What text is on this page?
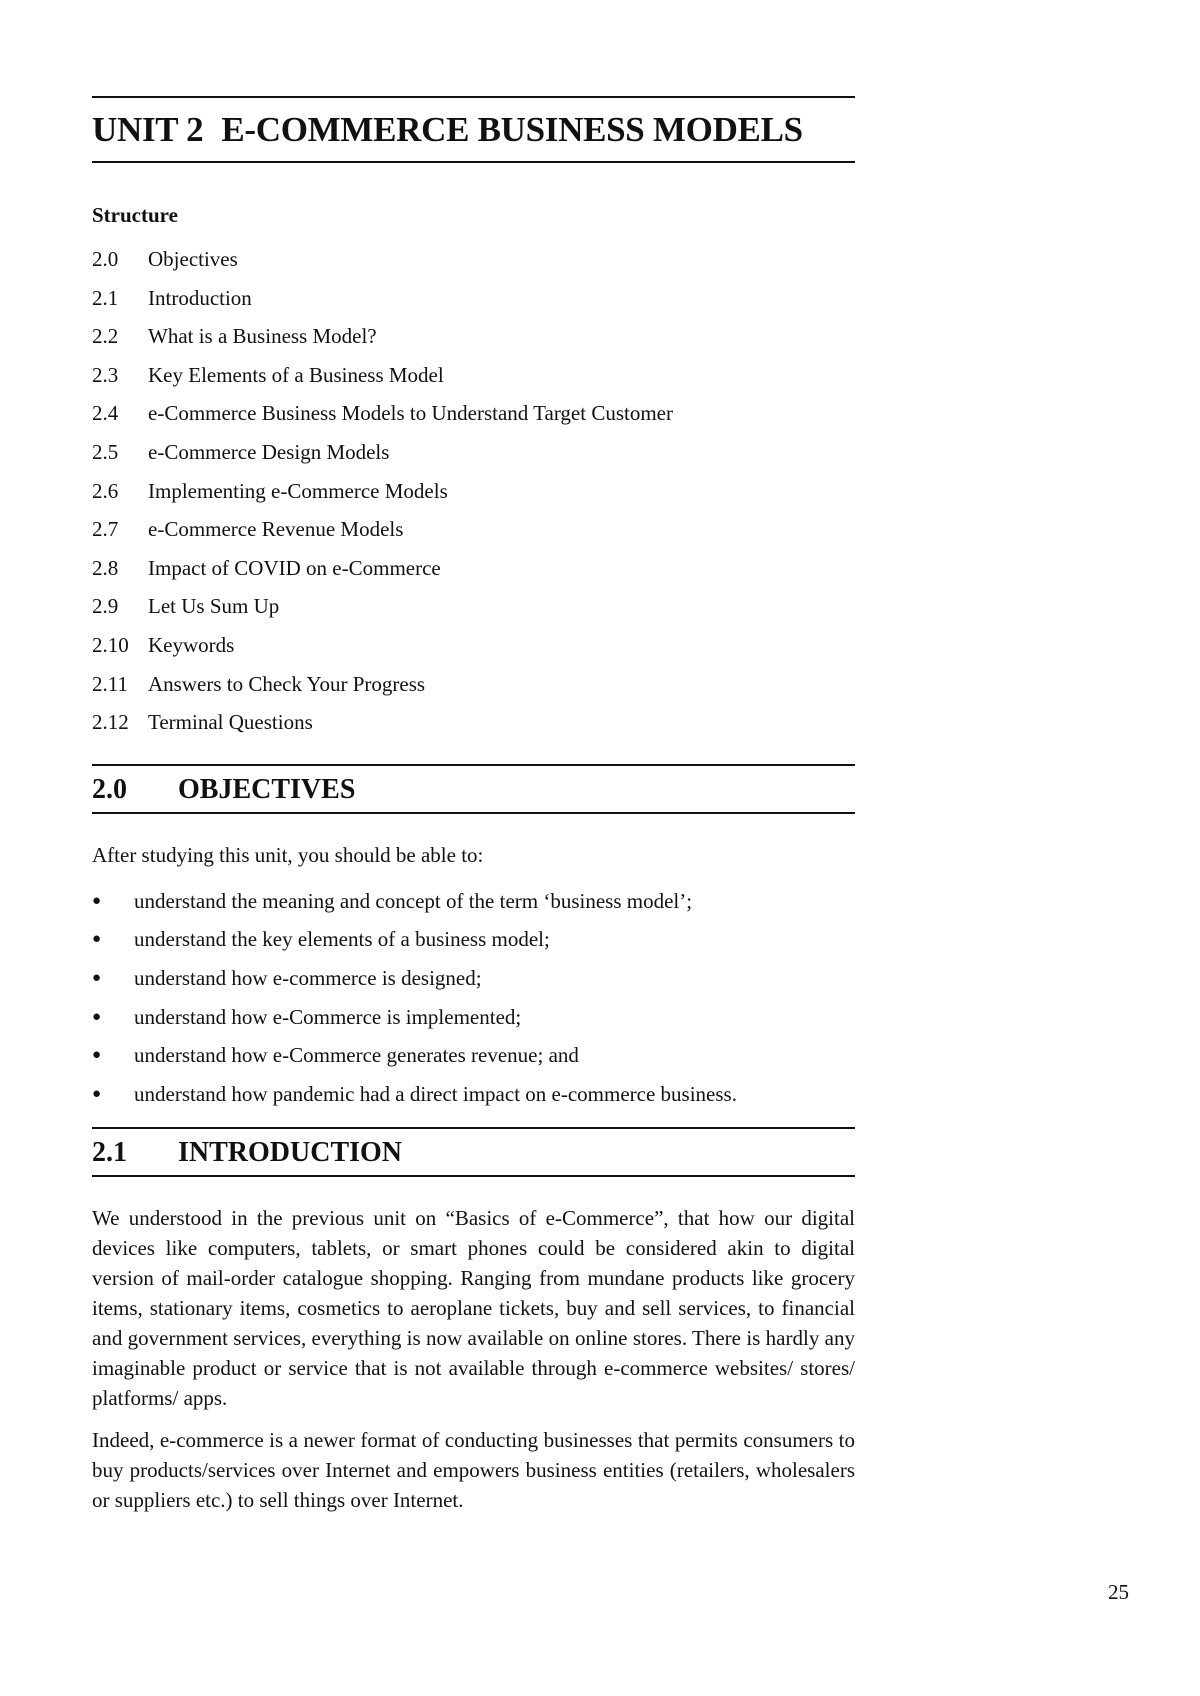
UNIT 2 E-COMMERCE BUSINESS MODELS
Structure
2.0 Objectives
2.1 Introduction
2.2 What is a Business Model?
2.3 Key Elements of a Business Model
2.4 e-Commerce Business Models to Understand Target Customer
2.5 e-Commerce Design Models
2.6 Implementing e-Commerce Models
2.7 e-Commerce Revenue Models
2.8 Impact of COVID on e-Commerce
2.9 Let Us Sum Up
2.10 Keywords
2.11 Answers to Check Your Progress
2.12 Terminal Questions
2.0 OBJECTIVES

After studying this unit, you should be able to:

● understand the meaning and concept of the term ‘business model’;
● understand the key elements of a business model;
● understand how e-commerce is designed;
● understand how e-Commerce is implemented;
● understand how e-Commerce generates revenue; and
● understand how pandemic had a direct impact on e-commerce business.
2.1 INTRODUCTION

We understood in the previous unit on “Basics of e-Commerce”, that how our digital devices like computers, tablets, or smart phones could be considered akin to digital version of mail-order catalogue shopping. Ranging from mundane products like grocery items, stationary items, cosmetics to aeroplane tickets, buy and sell services, to financial and government services, everything is now available on online stores. There is hardly any imaginable product or service that is not available through e-commerce websites/ stores/ platforms/ apps.

Indeed, e-commerce is a newer format of conducting businesses that permits consumers to buy products/services over Internet and empowers business entities (retailers, wholesalers or suppliers etc.) to sell things over Internet.

25
